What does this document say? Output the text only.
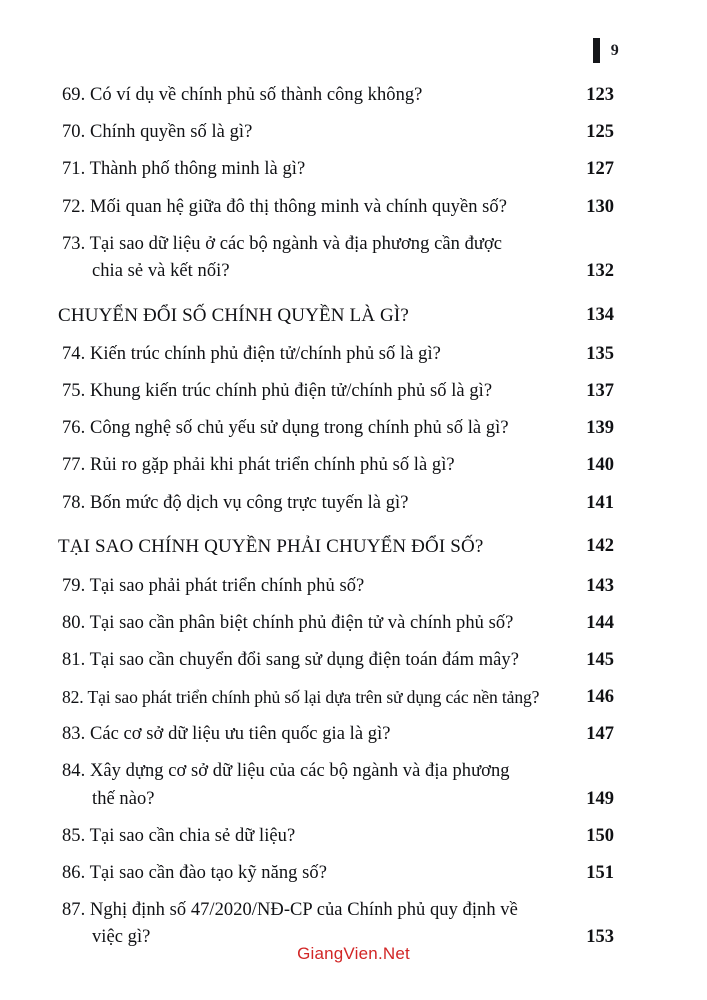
9
69. Có ví dụ về chính phủ số thành công không?	123
70. Chính quyền số là gì?	125
71. Thành phố thông minh là gì?	127
72. Mối quan hệ giữa đô thị thông minh và chính quyền số?	130
73. Tại sao dữ liệu ở các bộ ngành và địa phương cần được
chia sẻ và kết nối?	132
CHUYỂN ĐỔI SỐ CHÍNH QUYỀN LÀ GÌ?	134
74. Kiến trúc chính phủ điện tử/chính phủ số là gì?	135
75. Khung kiến trúc chính phủ điện tử/chính phủ số là gì?	137
76. Công nghệ số chủ yếu sử dụng trong chính phủ số là gì?	139
77. Rủi ro gặp phải khi phát triển chính phủ số là gì?	140
78. Bốn mức độ dịch vụ công trực tuyến là gì?	141
TẠI SAO CHÍNH QUYỀN PHẢI CHUYỂN ĐỔI SỐ?	142
79. Tại sao phải phát triển chính phủ số?	143
80. Tại sao cần phân biệt chính phủ điện tử và chính phủ số?	144
81. Tại sao cần chuyển đổi sang sử dụng điện toán đám mây?	145
82. Tại sao phát triển chính phủ số lại dựa trên sử dụng các nền tảng?	146
83. Các cơ sở dữ liệu ưu tiên quốc gia là gì?	147
84. Xây dựng cơ sở dữ liệu của các bộ ngành và địa phương
thế nào?	149
85. Tại sao cần chia sẻ dữ liệu?	150
86. Tại sao cần đào tạo kỹ năng số?	151
87. Nghị định số 47/2020/NĐ-CP của Chính phủ quy định về
việc gì?	153
GiangVien.Net
